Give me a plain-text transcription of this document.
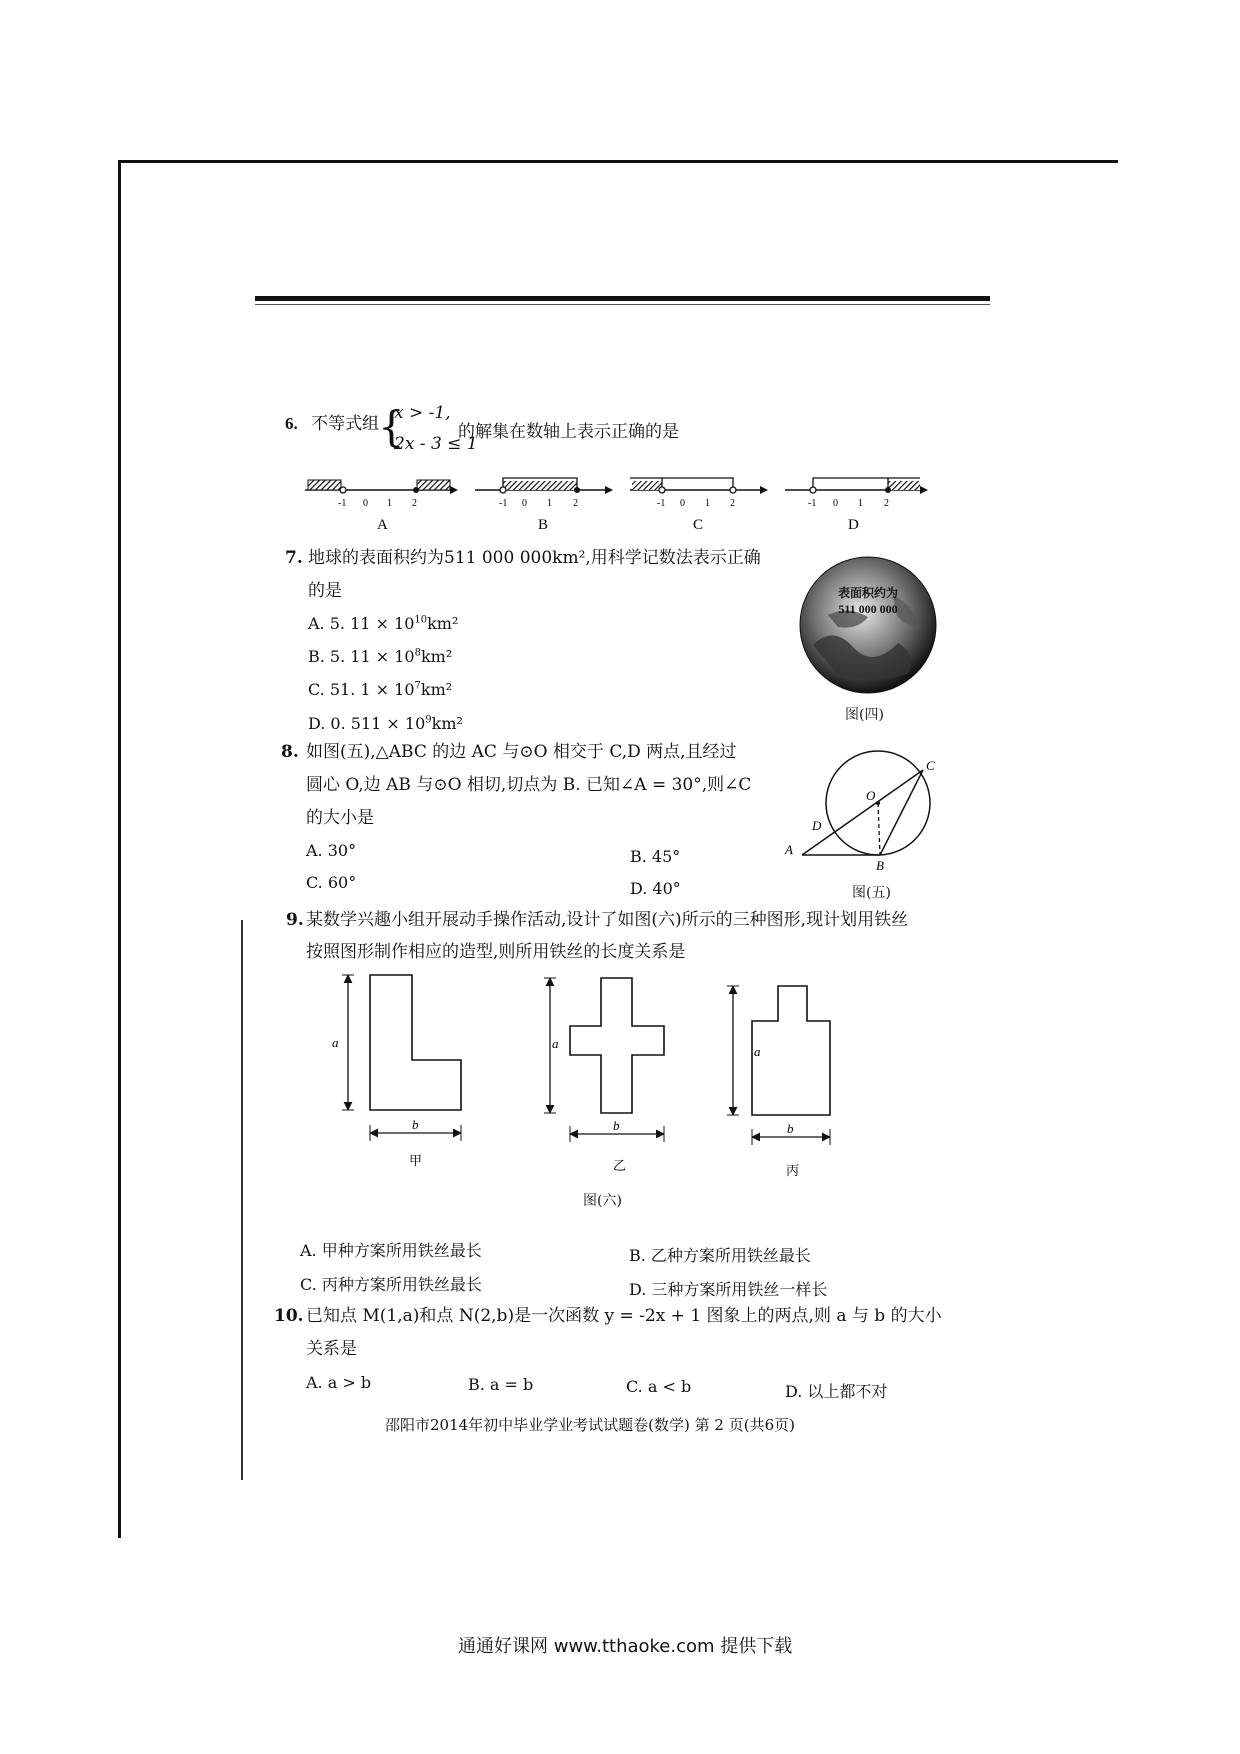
6. 不等式组
{
x > -1,
2x - 3 ≤ 1
的解集在数轴上表示正确的是
-1 0 1 2
A
-1 0 1 2
B
-1 0 1 2
C
-1 0 1 2
D
7. 地球的表面积约为511 000 000km²,用科学记数法表示正确
的是
A. 5. $11 \times 10^{10}km^2$
B. 5. $11 \times 10^8km^2$
C. 51. $1 \times 10^7km^2$
D. 0. $511 \times 10^9km^2$
表面积约为
511 000 000
图(四)
8. 如图(五),△ABC 的边 AC 与⊙O 相交于 C,D 两点,且经过
圆心 O,边 AB 与⊙O 相切,切点为 B. 已知∠A = 30°,则∠C
的大小是
A. 30°	B. 45°
C. 60°	D. 40°
A
B
C
D
O
图(五)
9. 某数学兴趣小组开展动手操作活动,设计了如图(六)所示的三种图形,现计划用铁丝
按照图形制作相应的造型,则所用铁丝的长度关系是
a
b
甲
a
b
乙
a
b
丙
图(六)
A. 甲种方案所用铁丝最长	B. 乙种方案所用铁丝最长
C. 丙种方案所用铁丝最长	D. 三种方案所用铁丝一样长
10. 已知点 M(1,a)和点 N(2,b)是一次函数 y = -2x + 1 图象上的两点,则 a 与 b 的大小
关系是
A. a > b	B. a = b	C. a < b	D. 以上都不对
邵阳市2014年初中毕业学业考试试题卷(数学) 第 2 页(共6页)
通通好课网 www.tthaoke.com 提供下载
